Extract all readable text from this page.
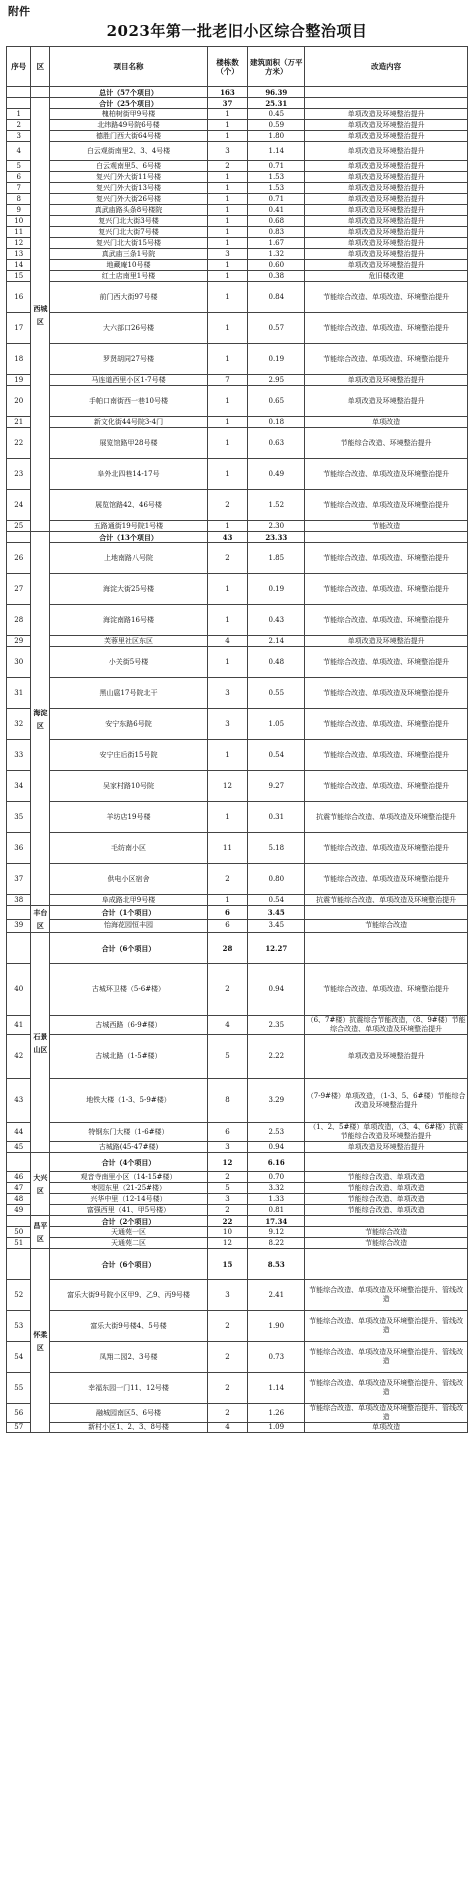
附件
2023年第一批老旧小区综合整治项目
序号	区	项目名称	楼栋数（个）	建筑面积（万平方米）	改造内容
		总计（57个项目）	163	96.39	
	西城区	合计（25个项目）	37	25.31	
1		槐柏树街甲9号楼	1	0.45	单项改造及环境整治提升
2		北纬路49号院6号楼	1	0.59	单项改造及环境整治提升
3		德胜门西大街64号楼	1	1.80	单项改造及环境整治提升
4		白云观街南里2、3、4号楼	3	1.14	单项改造及环境整治提升
5		白云观南里5、6号楼	2	0.71	单项改造及环境整治提升
6		复兴门外大街11号楼	1	1.53	单项改造及环境整治提升
7		复兴门外大街13号楼	1	1.53	单项改造及环境整治提升
8		复兴门外大街26号楼	1	0.71	单项改造及环境整治提升
9		真武庙路头条8号楼院	1	0.41	单项改造及环境整治提升
10		复兴门北大街3号楼	1	0.68	单项改造及环境整治提升
11		复兴门北大街7号楼	1	0.83	单项改造及环境整治提升
12		复兴门北大街15号楼	1	1.67	单项改造及环境整治提升
13		真武庙三条1号院	3	1.32	单项改造及环境整治提升
14		地藏庵10号楼	1	0.60	单项改造及环境整治提升
15		红土店南里1号楼	1	0.38	危旧楼改建
16		前门西大街97号楼	1	0.84	节能综合改造、单项改造、环境整治提升
17		大六部口26号楼	1	0.57	节能综合改造、单项改造、环境整治提升
18		罗贤胡同27号楼	1	0.19	节能综合改造、单项改造、环境整治提升
19		马连道西里小区1-7号楼	7	2.95	单项改造及环境整治提升
20		手帕口南街西一巷10号楼	1	0.65	单项改造及环境整治提升
21		新文化街44号院3-4门	1	0.18	单项改造
22		展览馆路甲28号楼	1	0.63	节能综合改造、环境整治提升
23		阜外北四巷14-17号	1	0.49	节能综合改造、单项改造及环境整治提升
24		展览馆路42、46号楼	2	1.52	节能综合改造、单项改造及环境整治提升
25		五路通街19号院1号楼	1	2.30	节能改造
	海淀区	合计（13个项目）	43	23.33	
26		上地南路八号院	2	1.85	节能综合改造、单项改造、环境整治提升
27		海淀大街25号楼	1	0.19	节能综合改造、单项改造、环境整治提升
28		海淀南路16号楼	1	0.43	节能综合改造、单项改造、环境整治提升
29		芙蓉里社区东区	4	2.14	单项改造及环境整治提升
30		小关街5号楼	1	0.48	节能综合改造、单项改造、环境整治提升
31		黑山扈17号院北干	3	0.55	节能综合改造、单项改造及环境整治提升
32		安宁东路6号院	3	1.05	节能综合改造、单项改造、环境整治提升
33		安宁庄后街15号院	1	0.54	节能综合改造、单项改造、环境整治提升
34		吴家村路10号院	12	9.27	节能综合改造、单项改造、环境整治提升
35		羊坊店19号楼	1	0.31	抗震节能综合改造、单项改造及环境整治提升
36		毛纺南小区	11	5.18	节能综合改造、单项改造及环境整治提升
37		供电小区宿舍	2	0.80	节能综合改造、单项改造及环境整治提升
38		阜成路北甲9号楼	1	0.54	抗震节能综合改造、单项改造及环境整治提升
	丰台区	合计（1个项目）	6	3.45	
39		怡海花园恒丰园	6	3.45	节能综合改造
	石景山区	合计（6个项目）	28	12.27	
40		古城环卫楼（5-6#楼）	2	0.94	节能综合改造、单项改造、环境整治提升
41		古城西路（6-9#楼）	4	2.35	（6、7#楼）抗震综合节能改造，（8、9#楼）节能综合改造、单项改造及环境整治提升
42		古城北路（1-5#楼）	5	2.22	单项改造及环境整治提升
43		地铁大楼（1-3、5-9#楼）	8	3.29	（7-9#楼）单项改造，（1-3、5、6#楼）节能综合改造及环境整治提升
44		特钢东门大楼（1-6#楼）	6	2.53	（1、2、5#楼）单项改造，（3、4、6#楼）抗震节能综合改造及环境整治提升
45		古城路(45-47#楼)	3	0.94	单项改造及环境整治提升
	大兴区	合计（4个项目）	12	6.16	
46		观音寺南里小区（14-15#楼）	2	0.70	节能综合改造、单项改造
47		枣园东里（21-25#楼）	5	3.32	节能综合改造、单项改造
48		兴华中里（12-14号楼）	3	1.33	节能综合改造、单项改造
49		富强西里（41、甲5号楼）	2	0.81	节能综合改造、单项改造
	昌平区	合计（2个项目）	22	17.34	
50		天通苑一区	10	9.12	节能综合改造
51		天通苑二区	12	8.22	节能综合改造
	怀柔区	合计（6个项目）	15	8.53	
52		富乐大街9号院小区甲9、乙9、丙9号楼	3	2.41	节能综合改造、单项改造及环境整治提升、管线改造
53		富乐大街9号楼4、5号楼	2	1.90	节能综合改造、单项改造及环境整治提升、管线改造
54		凤翔二园2、3号楼	2	0.73	节能综合改造、单项改造及环境整治提升、管线改造
55		幸福东园一门11、12号楼	2	1.14	节能综合改造、单项改造及环境整治提升、管线改造
56		融城园南区5、6号楼	2	1.26	节能综合改造、单项改造及环境整治提升、管线改造
57		新村小区1、2、3、8号楼	4	1.09	单项改造
